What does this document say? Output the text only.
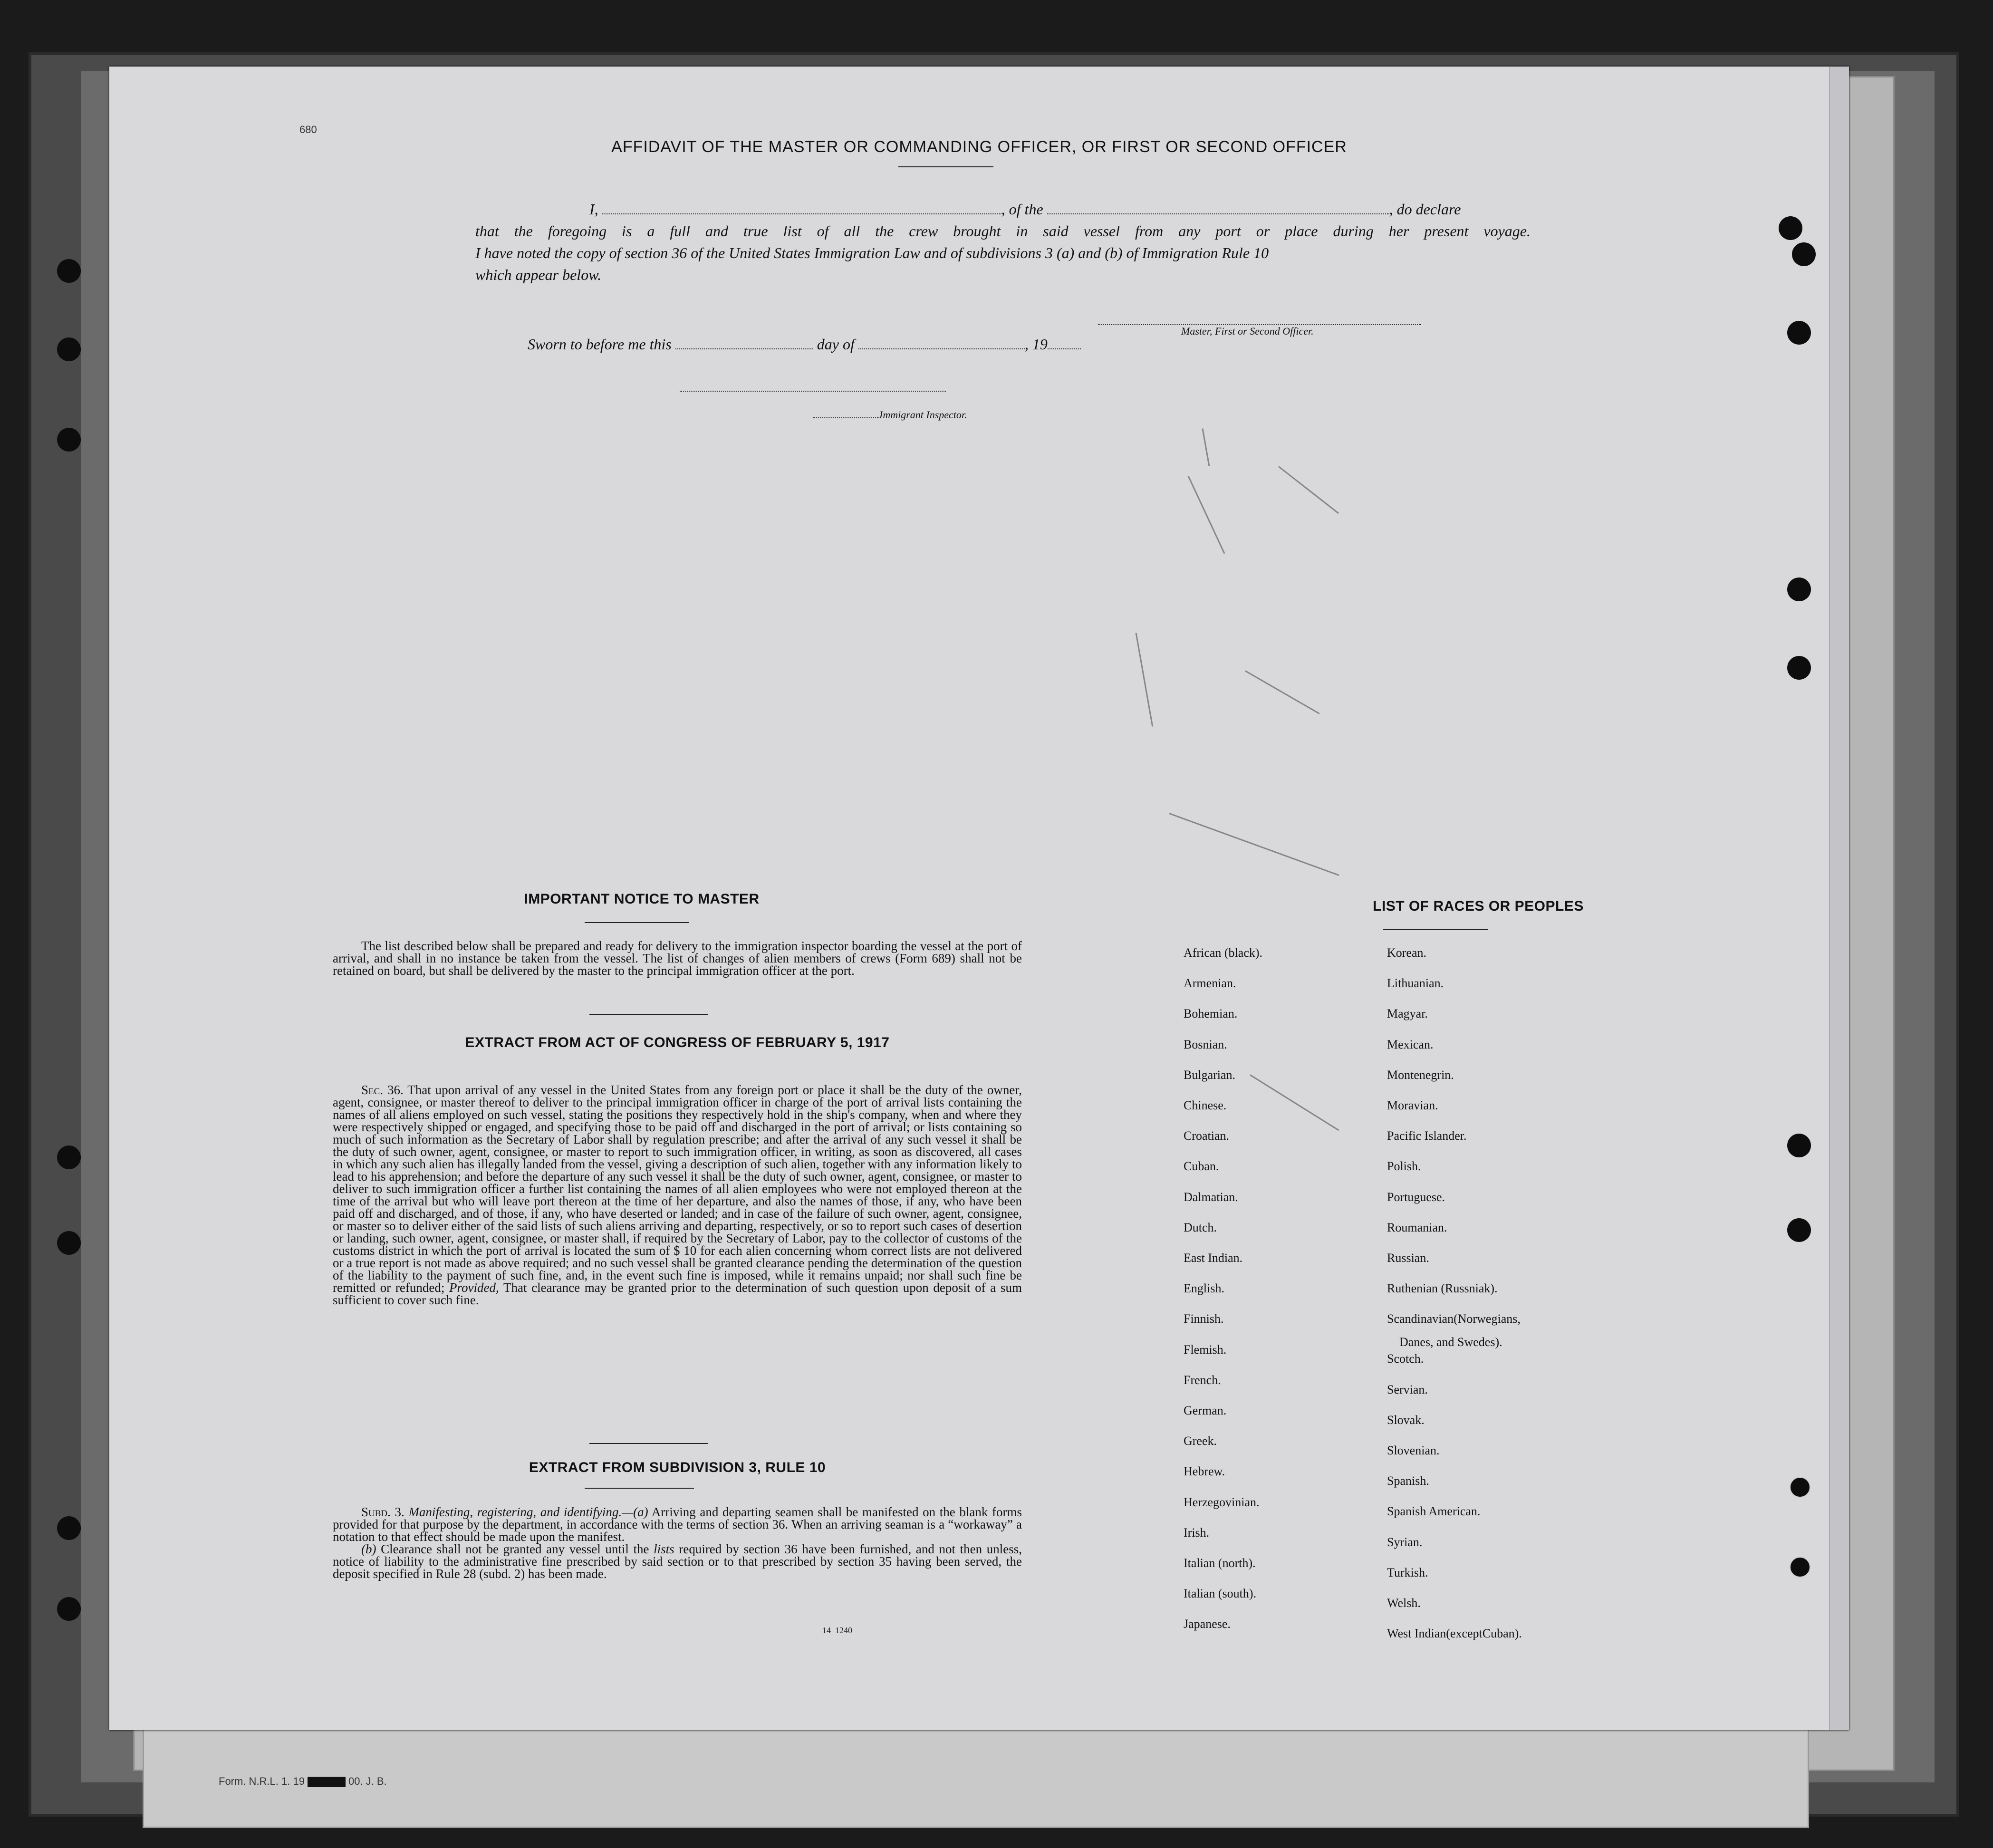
Form. N.R.L. 1. 19	00. J. B.
680
AFFIDAVIT OF THE MASTER OR COMMANDING OFFICER, OR FIRST OR SECOND OFFICER
I,	, of the	, do declare
that the foregoing is a full and true list of all the crew brought in said vessel from any port or place during her present voyage.
I have noted the copy of section 36 of the United States Immigration Law and of subdivisions 3 (a) and (b) of Immigration Rule 10
which appear below.
Master, First or Second Officer.
Sworn to before me this	day of	, 19
Immigrant Inspector.
IMPORTANT NOTICE TO MASTER
The list described below shall be prepared and ready for delivery to the immigration inspector boarding the vessel at the port of arrival, and shall in no instance be taken from the vessel. The list of changes of alien members of crews (Form 689) shall not be retained on board, but shall be delivered by the master to the principal immigration officer at the port.
EXTRACT FROM ACT OF CONGRESS OF FEBRUARY 5, 1917
Sec. 36. That upon arrival of any vessel in the United States from any foreign port or place it shall be the duty of the owner, agent, consignee, or master thereof to deliver to the principal immigration officer in charge of the port of arrival lists containing the names of all aliens employed on such vessel, stating the positions they respectively hold in the ship's company, when and where they were respectively shipped or engaged, and specifying those to be paid off and discharged in the port of arrival; or lists containing so much of such information as the Secretary of Labor shall by regulation prescribe; and after the arrival of any such vessel it shall be the duty of such owner, agent, consignee, or master to report to such immigration officer, in writing, as soon as discovered, all cases in which any such alien has illegally landed from the vessel, giving a description of such alien, together with any information likely to lead to his apprehension; and before the departure of any such vessel it shall be the duty of such owner, agent, consignee, or master to deliver to such immigration officer a further list containing the names of all alien employees who were not employed thereon at the time of the arrival but who will leave port thereon at the time of her departure, and also the names of those, if any, who have been paid off and discharged, and of those, if any, who have deserted or landed; and in case of the failure of such owner, agent, consignee, or master so to deliver either of the said lists of such aliens arriving and departing, respectively, or so to report such cases of desertion or landing, such owner, agent, consignee, or master shall, if required by the Secretary of Labor, pay to the collector of customs of the customs district in which the port of arrival is located the sum of $ 10 for each alien concerning whom correct lists are not delivered or a true report is not made as above required; and no such vessel shall be granted clearance pending the determination of the question of the liability to the payment of such fine, and, in the event such fine is imposed, while it remains unpaid; nor shall such fine be remitted or refunded; Provided, That clearance may be granted prior to the determination of such question upon deposit of a sum sufficient to cover such fine.
EXTRACT FROM SUBDIVISION 3, RULE 10
Subd. 3. Manifesting, registering, and identifying.—(a) Arriving and departing seamen shall be manifested on the blank forms provided for that purpose by the department, in accordance with the terms of section 36. When an arriving seaman is a “workaway” a notation to that effect should be made upon the manifest.
(b) Clearance shall not be granted any vessel until the lists required by section 36 have been furnished, and not then unless, notice of liability to the administrative fine prescribed by said section or to that prescribed by section 35 having been served, the deposit specified in Rule 28 (subd. 2) has been made.
14–1240
LIST OF RACES OR PEOPLES
African (black).
Armenian.
Bohemian.
Bosnian.
Bulgarian.
Chinese.
Croatian.
Cuban.
Dalmatian.
Dutch.
East Indian.
English.
Finnish.
Flemish.
French.
German.
Greek.
Hebrew.
Herzegovinian.
Irish.
Italian (north).
Italian (south).
Japanese.
Korean.
Lithuanian.
Magyar.
Mexican.
Montenegrin.
Moravian.
Pacific Islander.
Polish.
Portuguese.
Roumanian.
Russian.
Ruthenian (Russniak).
Scandinavian(Norwegians,
Danes, and Swedes).
Scotch.
Servian.
Slovak.
Slovenian.
Spanish.
Spanish American.
Syrian.
Turkish.
Welsh.
West Indian(exceptCuban).
